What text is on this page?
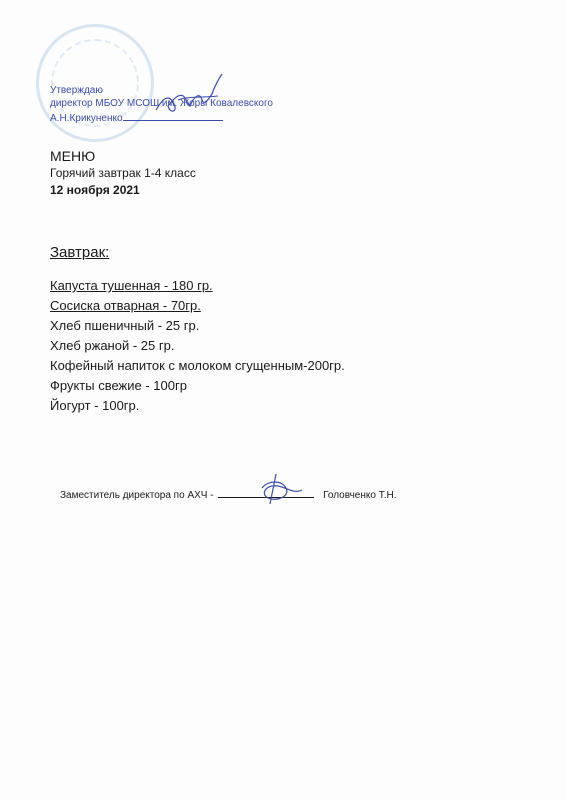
Утверждаю
директор МБОУ МСОШ им. Жоры Ковалевского
А.Н.Крикуненко
МЕНЮ
Горячий завтрак 1-4 класс
12 ноября 2021
Завтрак:
Капуста тушенная - 180 гр.
Сосиска отварная - 70гр.
Хлеб пшеничный - 25 гр.
Хлеб ржаной - 25 гр.
Кофейный напиток с молоком сгущенным-200гр.
Фрукты свежие - 100гр
Йогурт - 100гр.
Заместитель директора по АХЧ -	Головченко Т.Н.
